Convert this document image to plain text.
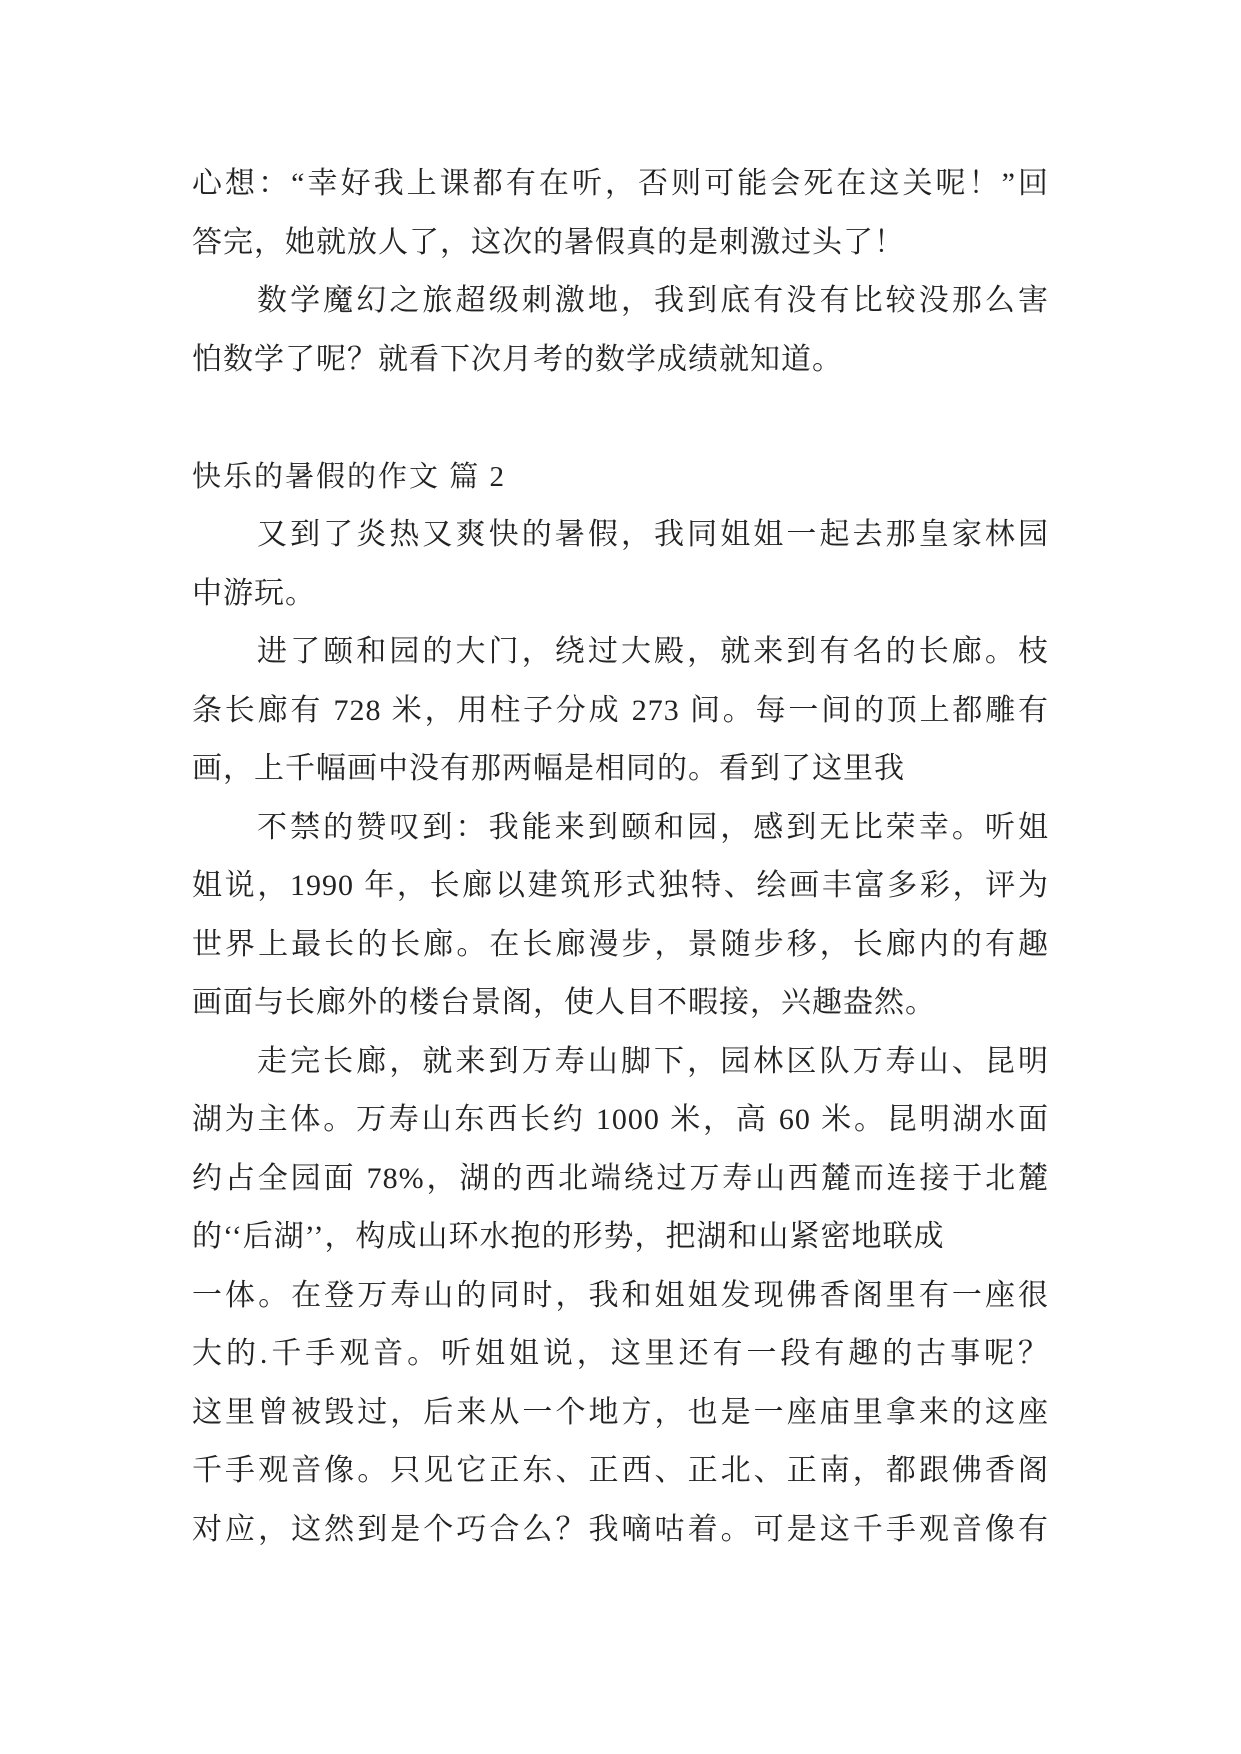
心想：“幸好我上课都有在听，否则可能会死在这关呢！”回
答完，她就放人了，这次的暑假真的是刺激过头了！
数学魔幻之旅超级刺激地，我到底有没有比较没那么害
怕数学了呢？就看下次月考的数学成绩就知道。
快乐的暑假的作文 篇 2
又到了炎热又爽快的暑假，我同姐姐一起去那皇家林园
中游玩。
进了颐和园的大门，绕过大殿，就来到有名的长廊。枝
条长廊有 728 米，用柱子分成 273 间。每一间的顶上都雕有
画，上千幅画中没有那两幅是相同的。看到了这里我
不禁的赞叹到：我能来到颐和园，感到无比荣幸。听姐
姐说，1990 年，长廊以建筑形式独特、绘画丰富多彩，评为
世界上最长的长廊。在长廊漫步，景随步移，长廊内的有趣
画面与长廊外的楼台景阁，使人目不暇接，兴趣盎然。
走完长廊，就来到万寿山脚下，园林区队万寿山、昆明
湖为主体。万寿山东西长约 1000 米，高 60 米。昆明湖水面
约占全园面 78%，湖的西北端绕过万寿山西麓而连接于北麓
的‘‘后湖’’，构成山环水抱的形势，把湖和山紧密地联成
一体。在登万寿山的同时，我和姐姐发现佛香阁里有一座很
大的.千手观音。听姐姐说，这里还有一段有趣的古事呢？
这里曾被毁过，后来从一个地方，也是一座庙里拿来的这座
千手观音像。只见它正东、正西、正北、正南，都跟佛香阁
对应，这然到是个巧合么？我嘀咕着。可是这千手观音像有
